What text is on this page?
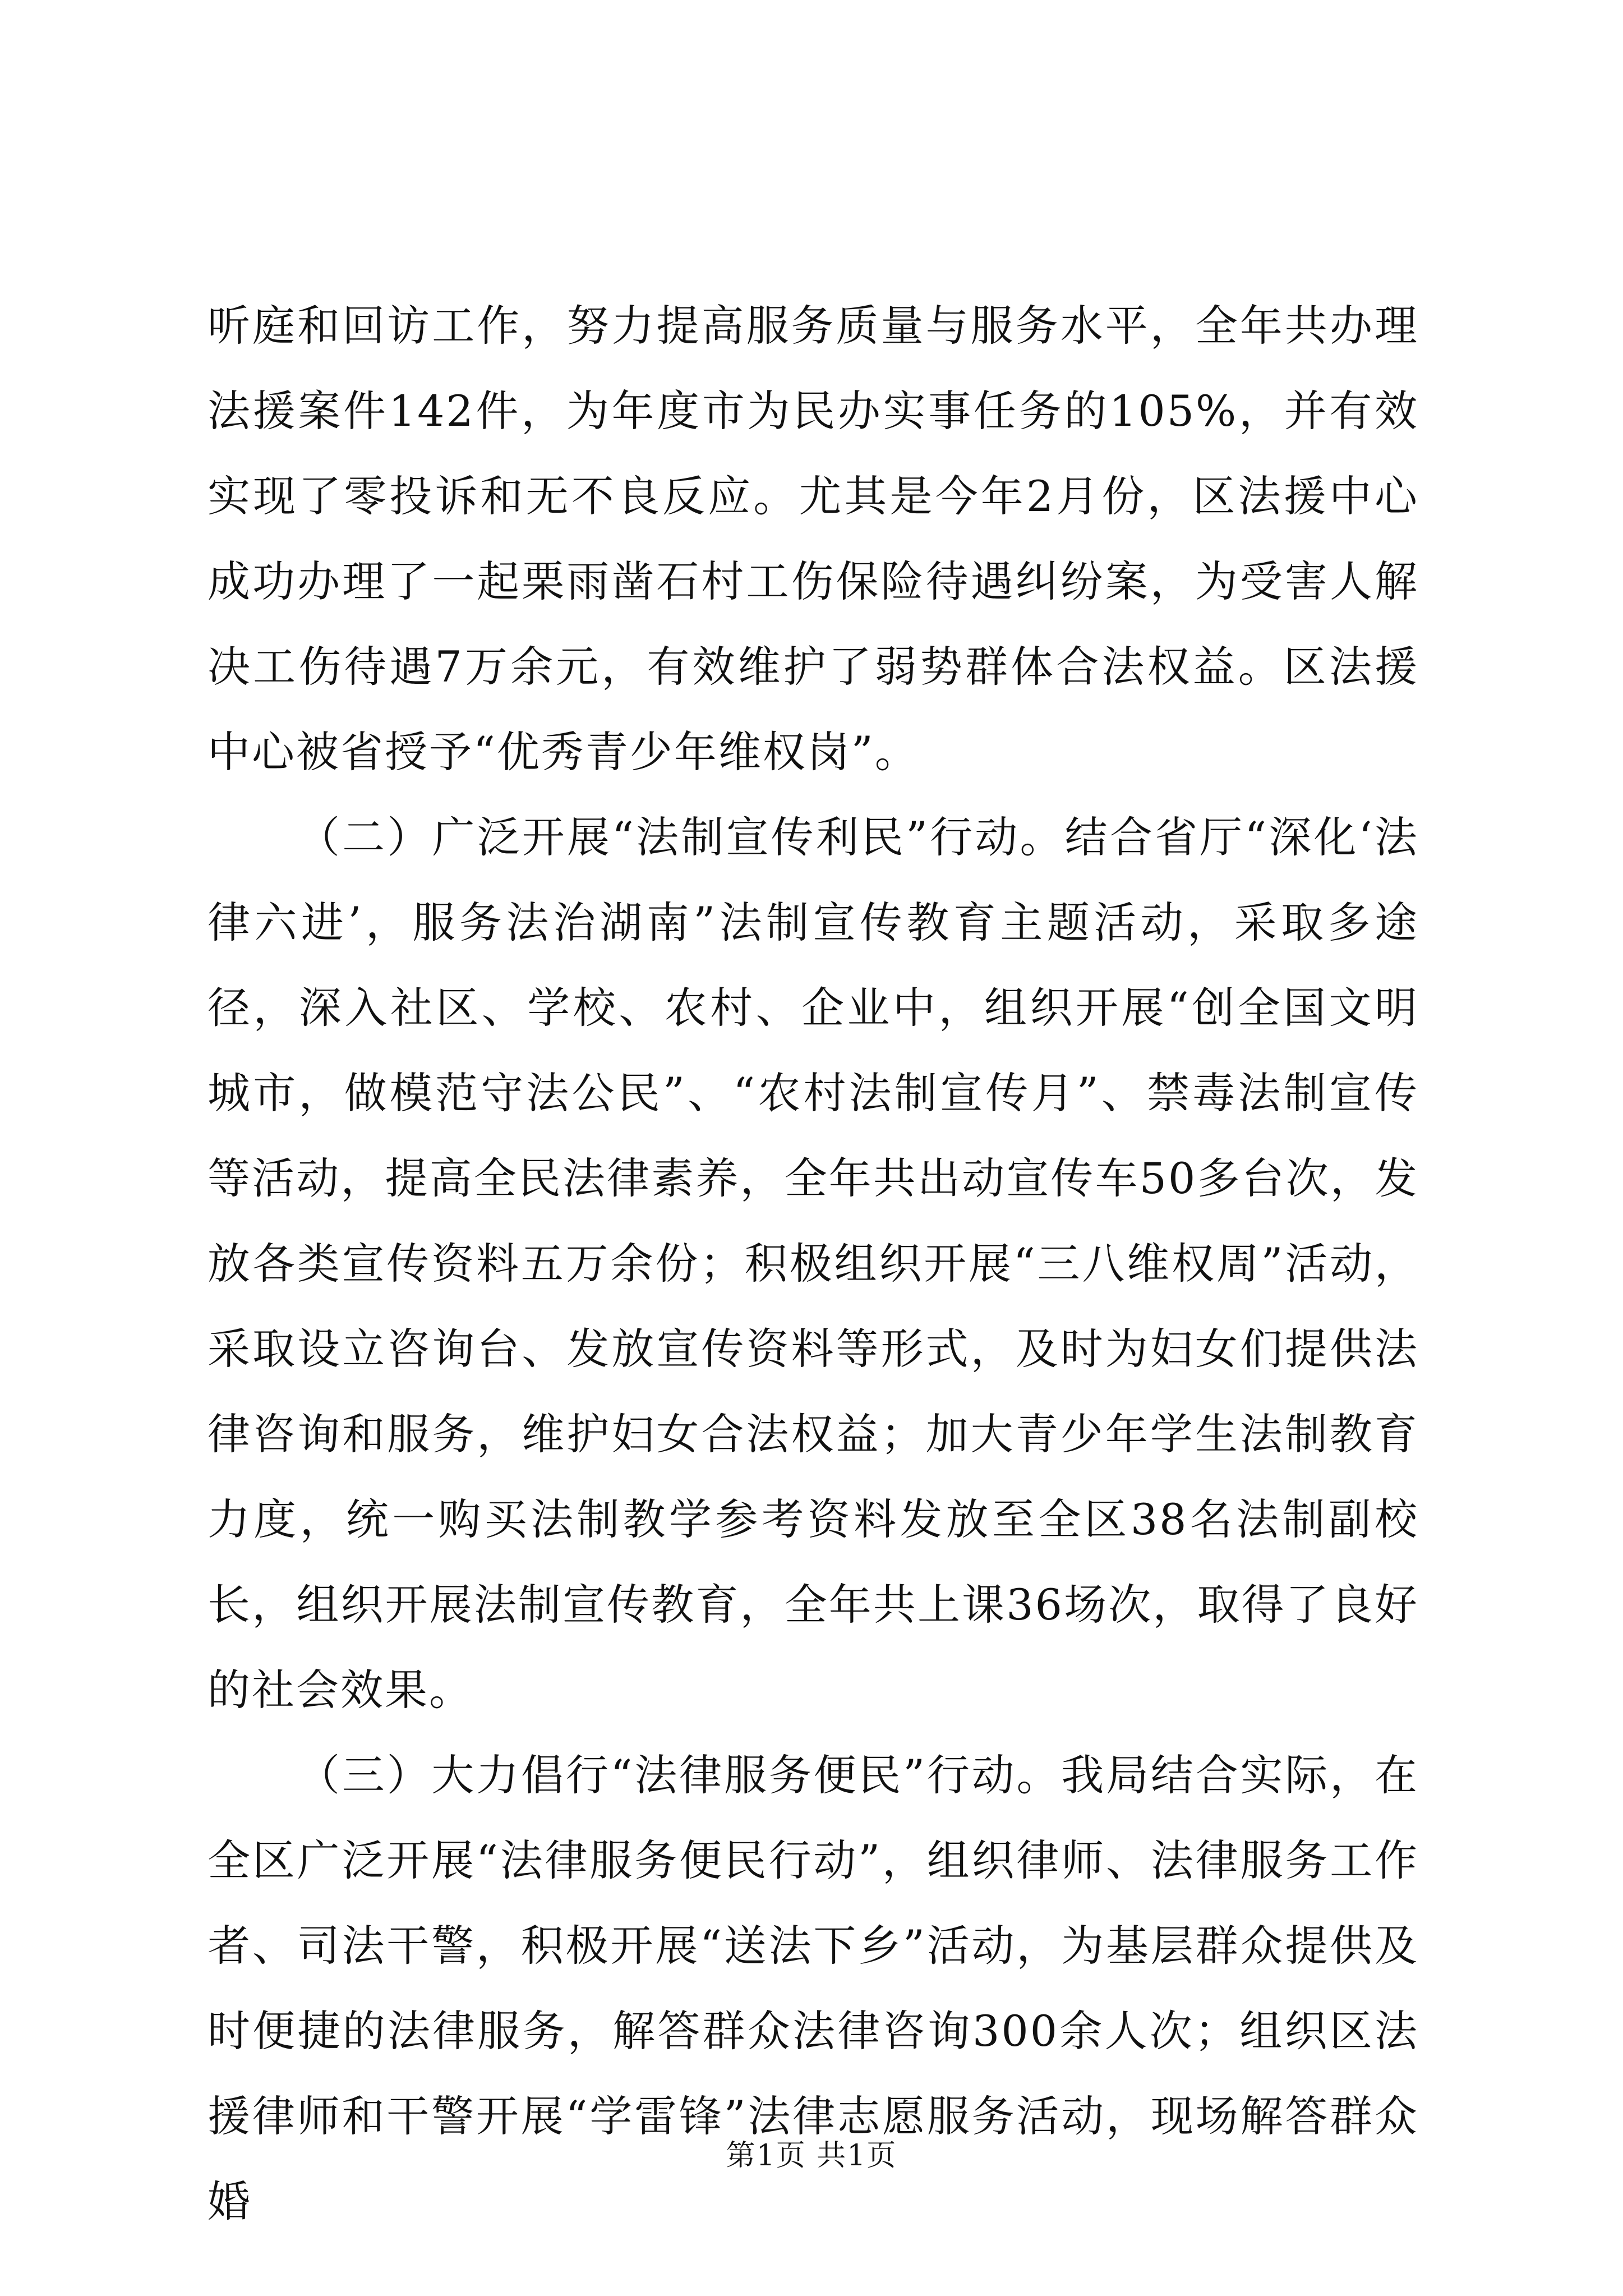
听庭和回访工作，努力提高服务质量与服务水平，全年共办理法援案件142件，为年度市为民办实事任务的105%，并有效实现了零投诉和无不良反应。尤其是今年2月份，区法援中心成功办理了一起栗雨凿石村工伤保险待遇纠纷案，为受害人解决工伤待遇7万余元，有效维护了弱势群体合法权益。区法援中心被省授予“优秀青少年维权岗”。

（二）广泛开展“法制宣传利民”行动。结合省厅“深化‘法律六进’，服务法治湖南”法制宣传教育主题活动，采取多途径，深入社区、学校、农村、企业中，组织开展“创全国文明城市，做模范守法公民”、“农村法制宣传月”、禁毒法制宣传等活动，提高全民法律素养，全年共出动宣传车50多台次，发放各类宣传资料五万余份；积极组织开展“三八维权周”活动，采取设立咨询台、发放宣传资料等形式，及时为妇女们提供法律咨询和服务，维护妇女合法权益；加大青少年学生法制教育力度，统一购买法制教学参考资料发放至全区38名法制副校长，组织开展法制宣传教育，全年共上课36场次，取得了良好的社会效果。

（三）大力倡行“法律服务便民”行动。我局结合实际，在全区广泛开展“法律服务便民行动”，组织律师、法律服务工作者、司法干警，积极开展“送法下乡”活动，为基层群众提供及时便捷的法律服务，解答群众法律咨询300余人次；组织区法援律师和干警开展“学雷锋”法律志愿服务活动，现场解答群众婚

第1页 共1页
